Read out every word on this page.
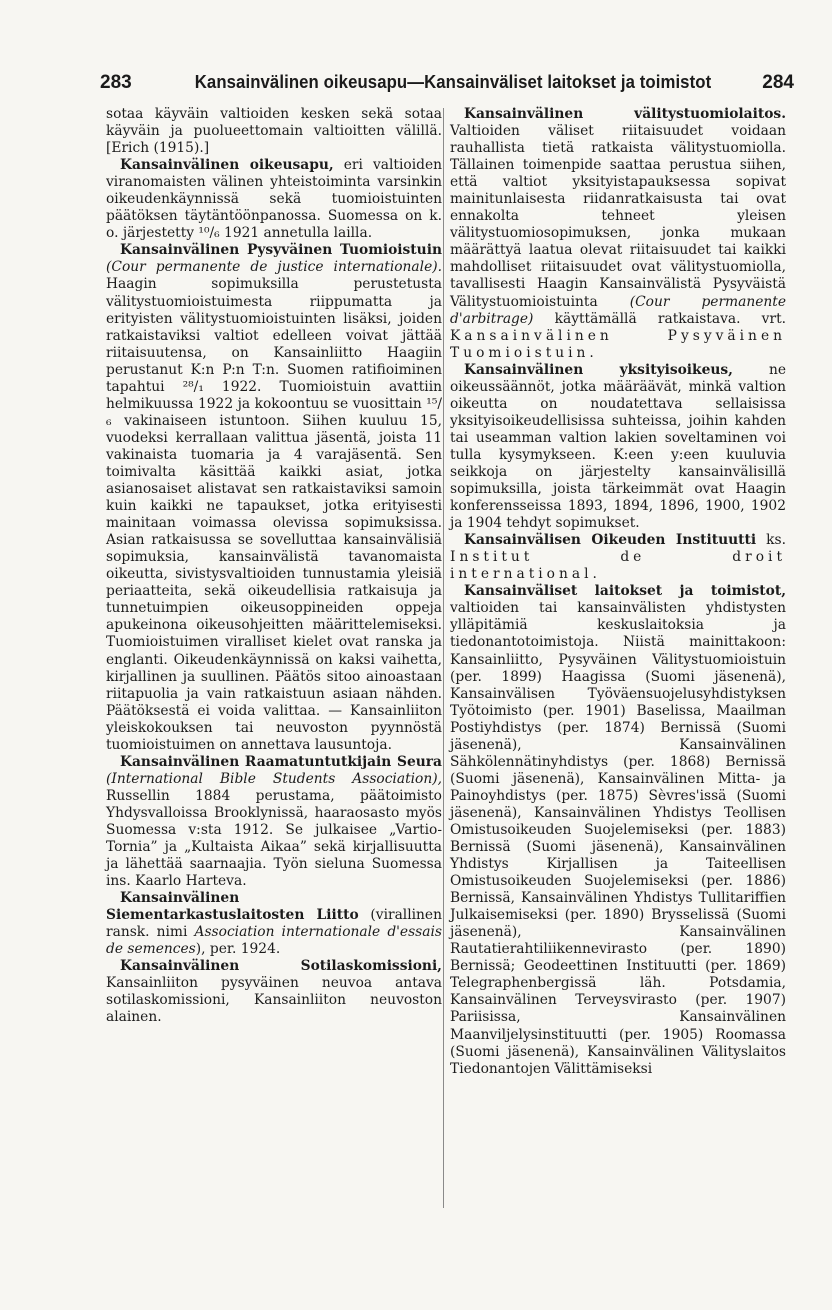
283	Kansainvälinen oikeusapu—Kansainväliset laitokset ja toimistot	284

sotaa käyväin valtioiden kesken sekä sotaa käyväin ja puolueettomain valtioitten välillä. [Erich (1915).]

Kansainvälinen oikeusapu, eri valtioiden viranomaisten välinen yhteistoiminta varsinkin oikeudenkäynnissä sekä tuomioistuinten päätöksen täytäntöönpanossa. Suomessa on k. o. järjestetty ¹⁰/₆ 1921 annetulla lailla.

Kansainvälinen Pysyväinen Tuomioistuin (Cour permanente de justice internationale). Haagin sopimuksilla perustetusta välitystuomioistuimesta riippumatta ja erityisten välitystuomioistuinten lisäksi, joiden ratkaistaviksi valtiot edelleen voivat jättää riitaisuutensa, on Kansainliitto Haagiin perustanut K:n P:n T:n. Suomen ratifioiminen tapahtui ²⁸/₁ 1922. Tuomioistuin avattiin helmikuussa 1922 ja kokoontuu se vuosittain ¹⁵/₆ vakinaiseen istuntoon. Siihen kuuluu 15, vuodeksi kerrallaan valittua jäsentä, joista 11 vakinaista tuomaria ja 4 varajäsentä. Sen toimivalta käsittää kaikki asiat, jotka asianosaiset alistavat sen ratkaistaviksi samoin kuin kaikki ne tapaukset, jotka erityisesti mainitaan voimassa olevissa sopimuksissa. Asian ratkaisussa se sovelluttaa kansainvälisiä sopimuksia, kansainvälistä tavanomaista oikeutta, sivistysvaltioiden tunnustamia yleisiä periaatteita, sekä oikeudellisia ratkaisuja ja tunnetuimpien oikeusoppineiden oppeja apukeinona oikeusohjeitten määrittelemiseksi. Tuomioistuimen viralliset kielet ovat ranska ja englanti. Oikeudenkäynnissä on kaksi vaihetta, kirjallinen ja suullinen. Päätös sitoo ainoastaan riitapuolia ja vain ratkaistuun asiaan nähden. Päätöksestä ei voida valittaa. — Kansainliiton yleiskokouksen tai neuvoston pyynnöstä tuomioistuimen on annettava lausuntoja.

Kansainvälinen Raamatuntutkijain Seura (International Bible Students Association), Russellin 1884 perustama, päätoimisto Yhdysvalloissa Brooklynissä, haaraosasto myös Suomessa v:sta 1912. Se julkaisee „Vartio-Tornia” ja „Kultaista Aikaa” sekä kirjallisuutta ja lähettää saarnaajia. Työn sieluna Suomessa ins. Kaarlo Harteva.

Kansainvälinen Siementarkastuslaitosten Liitto (virallinen ransk. nimi Association internationale d'essais de semences), per. 1924.

Kansainvälinen Sotilaskomissioni, Kansainliiton pysyväinen neuvoa antava sotilaskomissioni, Kansainliiton neuvoston alainen.

Kansainvälinen välitystuomiolaitos. Valtioiden väliset riitaisuudet voidaan rauhallista tietä ratkaista välitystuomiolla. Tällainen toimenpide saattaa perustua siihen, että valtiot yksityistapauksessa sopivat mainitunlaisesta riidanratkaisusta tai ovat ennakolta tehneet yleisen välitystuomiosopimuksen, jonka mukaan määrättyä laatua olevat riitaisuudet tai kaikki mahdolliset riitaisuudet ovat välitystuomiolla, tavallisesti Haagin Kansainvälistä Pysyväistä Välitystuomioistuinta (Cour permanente d'arbitrage) käyttämällä ratkaistava. vrt. Kansainvälinen Pysyväinen Tuomioistuin.

Kansainvälinen yksityisoikeus, ne oikeussäännöt, jotka määräävät, minkä valtion oikeutta on noudatettava sellaisissa yksityisoikeudellisissa suhteissa, joihin kahden tai useamman valtion lakien soveltaminen voi tulla kysymykseen. K:een y:een kuuluvia seikkoja on järjestelty kansainvälisillä sopimuksilla, joista tärkeimmät ovat Haagin konferensseissa 1893, 1894, 1896, 1900, 1902 ja 1904 tehdyt sopimukset.

Kansainvälisen Oikeuden Instituutti ks. Institut de droit international.

Kansainväliset laitokset ja toimistot, valtioiden tai kansainvälisten yhdistysten ylläpitämiä keskuslaitoksia ja tiedonantotoimistoja. Niistä mainittakoon: Kansainliitto, Pysyväinen Välitystuomioistuin (per. 1899) Haagissa (Suomi jäsenenä), Kansainvälisen Työväensuojelusyhdistyksen Työtoimisto (per. 1901) Baselissa, Maailman Postiyhdistys (per. 1874) Bernissä (Suomi jäsenenä), Kansainvälinen Sähkölennätinyhdistys (per. 1868) Bernissä (Suomi jäsenenä), Kansainvälinen Mitta- ja Painoyhdistys (per. 1875) Sèvres'issä (Suomi jäsenenä), Kansainvälinen Yhdistys Teollisen Omistusoikeuden Suojelemiseksi (per. 1883) Bernissä (Suomi jäsenenä), Kansainvälinen Yhdistys Kirjallisen ja Taiteellisen Omistusoikeuden Suojelemiseksi (per. 1886) Bernissä, Kansainvälinen Yhdistys Tullitariffien Julkaisemiseksi (per. 1890) Brysselissä (Suomi jäsenenä), Kansainvälinen Rautatierahtiliikennevirasto (per. 1890) Bernissä; Geodeettinen Instituutti (per. 1869) Telegraphenbergissä läh. Potsdamia, Kansainvälinen Terveysvirasto (per. 1907) Pariisissa, Kansainvälinen Maanviljelysinstituutti (per. 1905) Roomassa (Suomi jäsenenä), Kansainvälinen Välityslaitos Tiedonantojen Välittämiseksi
